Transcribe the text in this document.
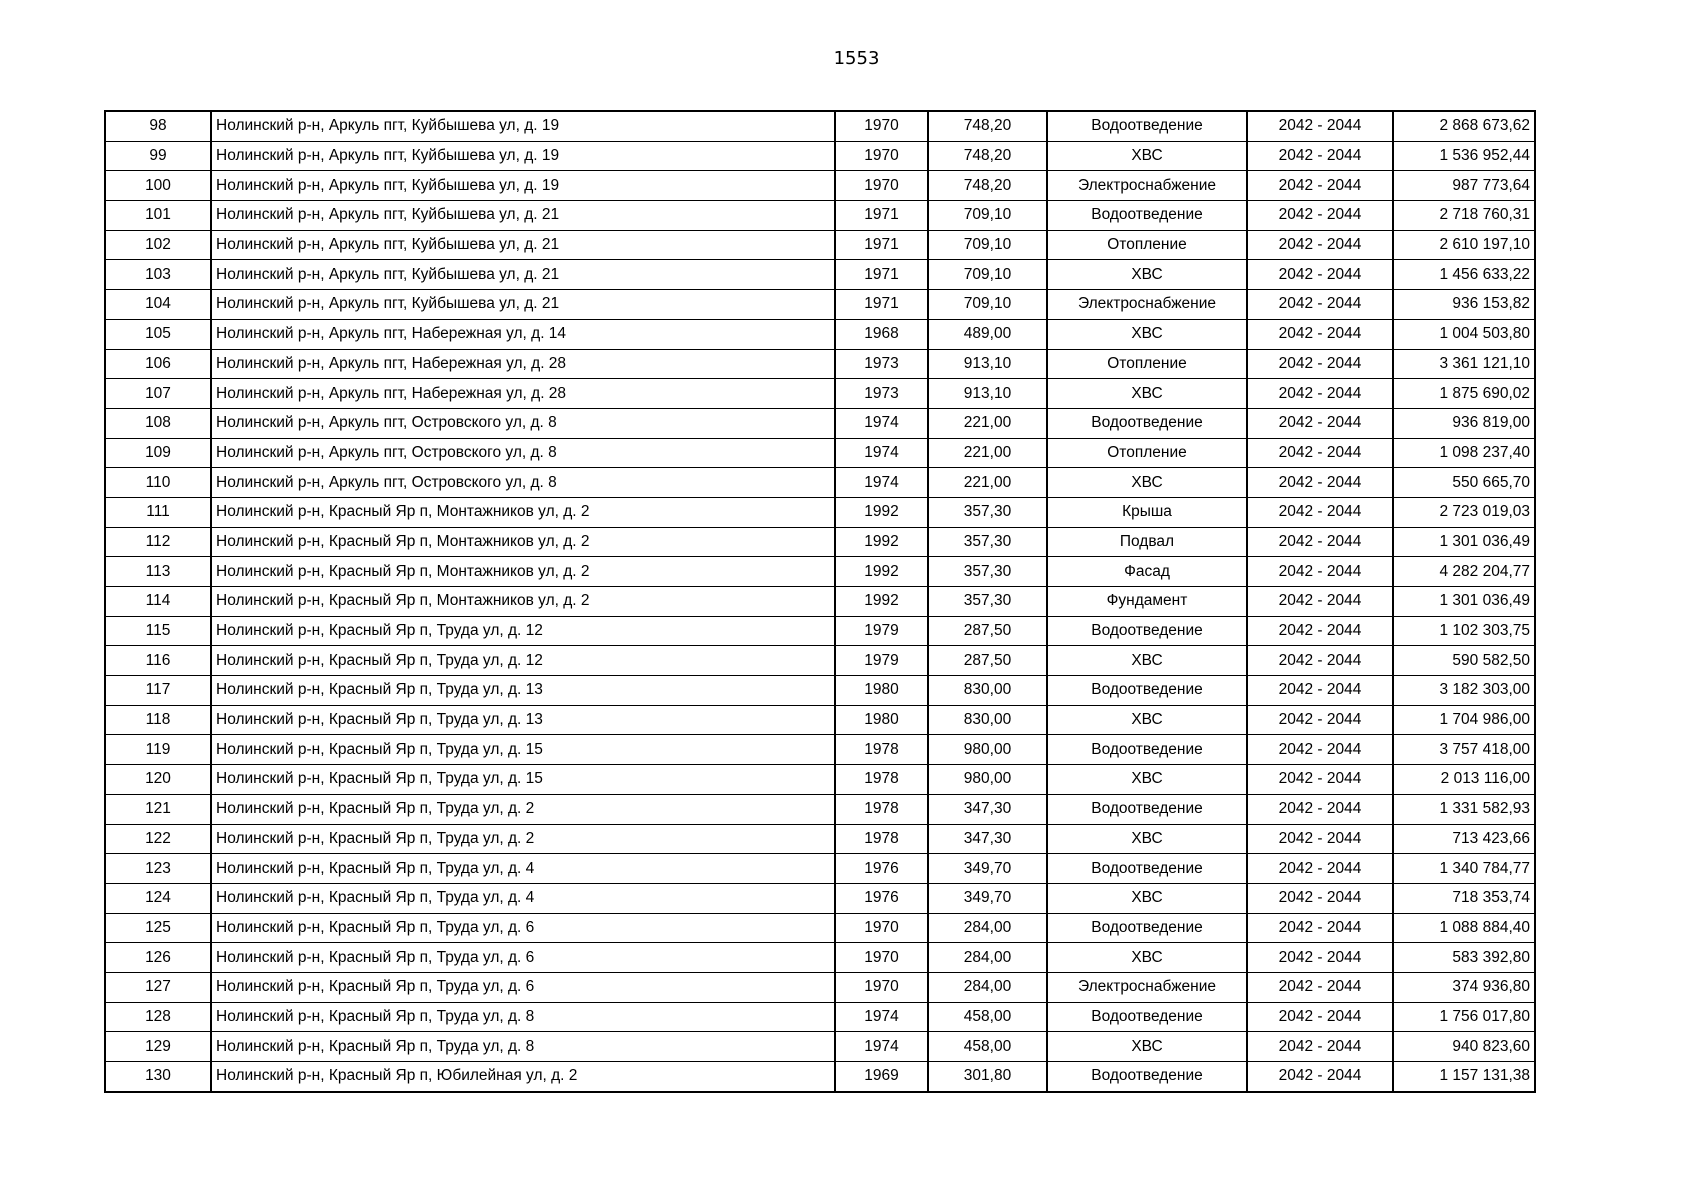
1553
98	Нолинский р-н, Аркуль пгт, Куйбышева ул, д. 19	1970	748,20	Водоотведение	2042 - 2044	2 868 673,62
99	Нолинский р-н, Аркуль пгт, Куйбышева ул, д. 19	1970	748,20	ХВС	2042 - 2044	1 536 952,44
100	Нолинский р-н, Аркуль пгт, Куйбышева ул, д. 19	1970	748,20	Электроснабжение	2042 - 2044	987 773,64
101	Нолинский р-н, Аркуль пгт, Куйбышева ул, д. 21	1971	709,10	Водоотведение	2042 - 2044	2 718 760,31
102	Нолинский р-н, Аркуль пгт, Куйбышева ул, д. 21	1971	709,10	Отопление	2042 - 2044	2 610 197,10
103	Нолинский р-н, Аркуль пгт, Куйбышева ул, д. 21	1971	709,10	ХВС	2042 - 2044	1 456 633,22
104	Нолинский р-н, Аркуль пгт, Куйбышева ул, д. 21	1971	709,10	Электроснабжение	2042 - 2044	936 153,82
105	Нолинский р-н, Аркуль пгт, Набережная ул, д. 14	1968	489,00	ХВС	2042 - 2044	1 004 503,80
106	Нолинский р-н, Аркуль пгт, Набережная ул, д. 28	1973	913,10	Отопление	2042 - 2044	3 361 121,10
107	Нолинский р-н, Аркуль пгт, Набережная ул, д. 28	1973	913,10	ХВС	2042 - 2044	1 875 690,02
108	Нолинский р-н, Аркуль пгт, Островского ул, д. 8	1974	221,00	Водоотведение	2042 - 2044	936 819,00
109	Нолинский р-н, Аркуль пгт, Островского ул, д. 8	1974	221,00	Отопление	2042 - 2044	1 098 237,40
110	Нолинский р-н, Аркуль пгт, Островского ул, д. 8	1974	221,00	ХВС	2042 - 2044	550 665,70
111	Нолинский р-н, Красный Яр п, Монтажников ул, д. 2	1992	357,30	Крыша	2042 - 2044	2 723 019,03
112	Нолинский р-н, Красный Яр п, Монтажников ул, д. 2	1992	357,30	Подвал	2042 - 2044	1 301 036,49
113	Нолинский р-н, Красный Яр п, Монтажников ул, д. 2	1992	357,30	Фасад	2042 - 2044	4 282 204,77
114	Нолинский р-н, Красный Яр п, Монтажников ул, д. 2	1992	357,30	Фундамент	2042 - 2044	1 301 036,49
115	Нолинский р-н, Красный Яр п, Труда ул, д. 12	1979	287,50	Водоотведение	2042 - 2044	1 102 303,75
116	Нолинский р-н, Красный Яр п, Труда ул, д. 12	1979	287,50	ХВС	2042 - 2044	590 582,50
117	Нолинский р-н, Красный Яр п, Труда ул, д. 13	1980	830,00	Водоотведение	2042 - 2044	3 182 303,00
118	Нолинский р-н, Красный Яр п, Труда ул, д. 13	1980	830,00	ХВС	2042 - 2044	1 704 986,00
119	Нолинский р-н, Красный Яр п, Труда ул, д. 15	1978	980,00	Водоотведение	2042 - 2044	3 757 418,00
120	Нолинский р-н, Красный Яр п, Труда ул, д. 15	1978	980,00	ХВС	2042 - 2044	2 013 116,00
121	Нолинский р-н, Красный Яр п, Труда ул, д. 2	1978	347,30	Водоотведение	2042 - 2044	1 331 582,93
122	Нолинский р-н, Красный Яр п, Труда ул, д. 2	1978	347,30	ХВС	2042 - 2044	713 423,66
123	Нолинский р-н, Красный Яр п, Труда ул, д. 4	1976	349,70	Водоотведение	2042 - 2044	1 340 784,77
124	Нолинский р-н, Красный Яр п, Труда ул, д. 4	1976	349,70	ХВС	2042 - 2044	718 353,74
125	Нолинский р-н, Красный Яр п, Труда ул, д. 6	1970	284,00	Водоотведение	2042 - 2044	1 088 884,40
126	Нолинский р-н, Красный Яр п, Труда ул, д. 6	1970	284,00	ХВС	2042 - 2044	583 392,80
127	Нолинский р-н, Красный Яр п, Труда ул, д. 6	1970	284,00	Электроснабжение	2042 - 2044	374 936,80
128	Нолинский р-н, Красный Яр п, Труда ул, д. 8	1974	458,00	Водоотведение	2042 - 2044	1 756 017,80
129	Нолинский р-н, Красный Яр п, Труда ул, д. 8	1974	458,00	ХВС	2042 - 2044	940 823,60
130	Нолинский р-н, Красный Яр п, Юбилейная ул, д. 2	1969	301,80	Водоотведение	2042 - 2044	1 157 131,38
